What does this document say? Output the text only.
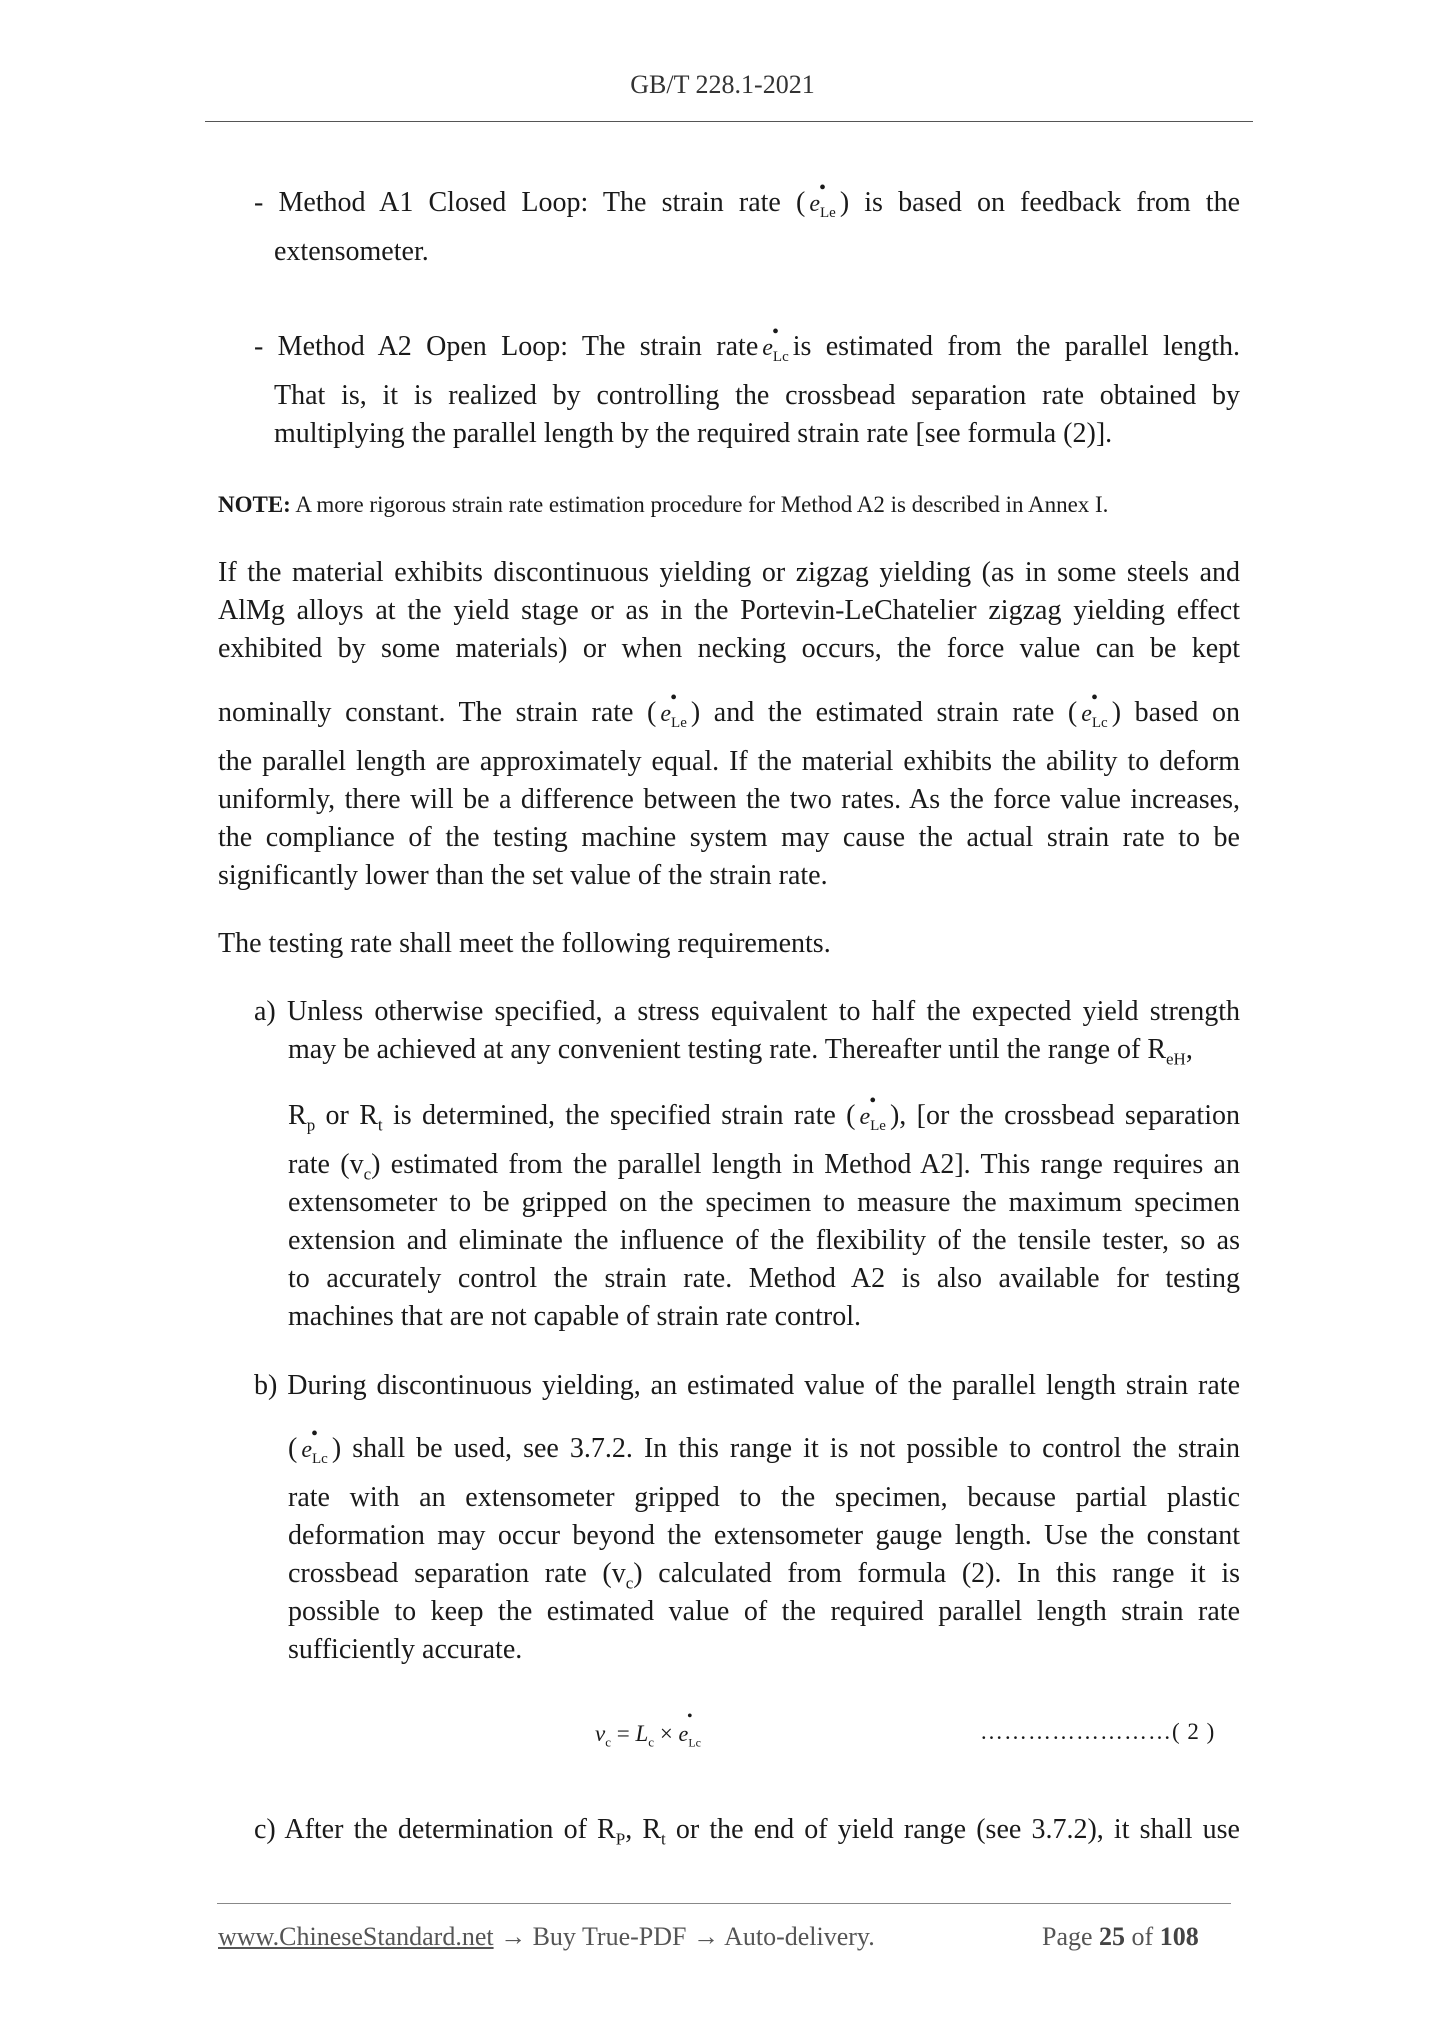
GB/T 228.1-2021
- Method A1 Closed Loop: The strain rate ( •
$e_{Le}$ ) is based on feedback from the
extensometer.
- Method A2 Open Loop: The strain rate •
$e_{Lc}$ is estimated from the parallel length.
That is, it is realized by controlling the crossbead separation rate obtained by
multiplying the parallel length by the required strain rate [see formula (2)].
NOTE: A more rigorous strain rate estimation procedure for Method A2 is described in Annex I.
If the material exhibits discontinuous yielding or zigzag yielding (as in some steels and
AlMg alloys at the yield stage or as in the Portevin-LeChatelier zigzag yielding effect
exhibited by some materials) or when necking occurs, the force value can be kept
nominally constant. The strain rate ( •
$e_{Le}$ ) and the estimated strain rate ( •
$e_{Lc}$ ) based on
the parallel length are approximately equal. If the material exhibits the ability to deform
uniformly, there will be a difference between the two rates. As the force value increases,
the compliance of the testing machine system may cause the actual strain rate to be
significantly lower than the set value of the strain rate.
The testing rate shall meet the following requirements.
a) Unless otherwise specified, a stress equivalent to half the expected yield strength
may be achieved at any convenient testing rate. Thereafter until the range of $R_{eH}$,
$R_p$ or $R_t$ is determined, the specified strain rate ( •
$e_{Le}$ ), [or the crossbead separation
rate $(v_c)$ estimated from the parallel length in Method A2]. This range requires an
extensometer to be gripped on the specimen to measure the maximum specimen
extension and eliminate the influence of the flexibility of the tensile tester, so as
to accurately control the strain rate. Method A2 is also available for testing
machines that are not capable of strain rate control.
b) During discontinuous yielding, an estimated value of the parallel length strain rate
( •
$e_{Lc}$ ) shall be used, see 3.7.2. In this range it is not possible to control the strain
rate with an extensometer gripped to the specimen, because partial plastic
deformation may occur beyond the extensometer gauge length. Use the constant
crossbead separation rate $(v_c)$ calculated from formula (2). In this range it is
possible to keep the estimated value of the required parallel length strain rate
sufficiently accurate.
$\nu_c = L_c$ ×
•
$e_{Lc}$	……………………( 2 )
c) After the determination of $R_P$, $R_t$ or the end of yield range (see 3.7.2), it shall use
www.ChineseStandard.net → Buy True-PDF → Auto-delivery.	Page 25 of 108
